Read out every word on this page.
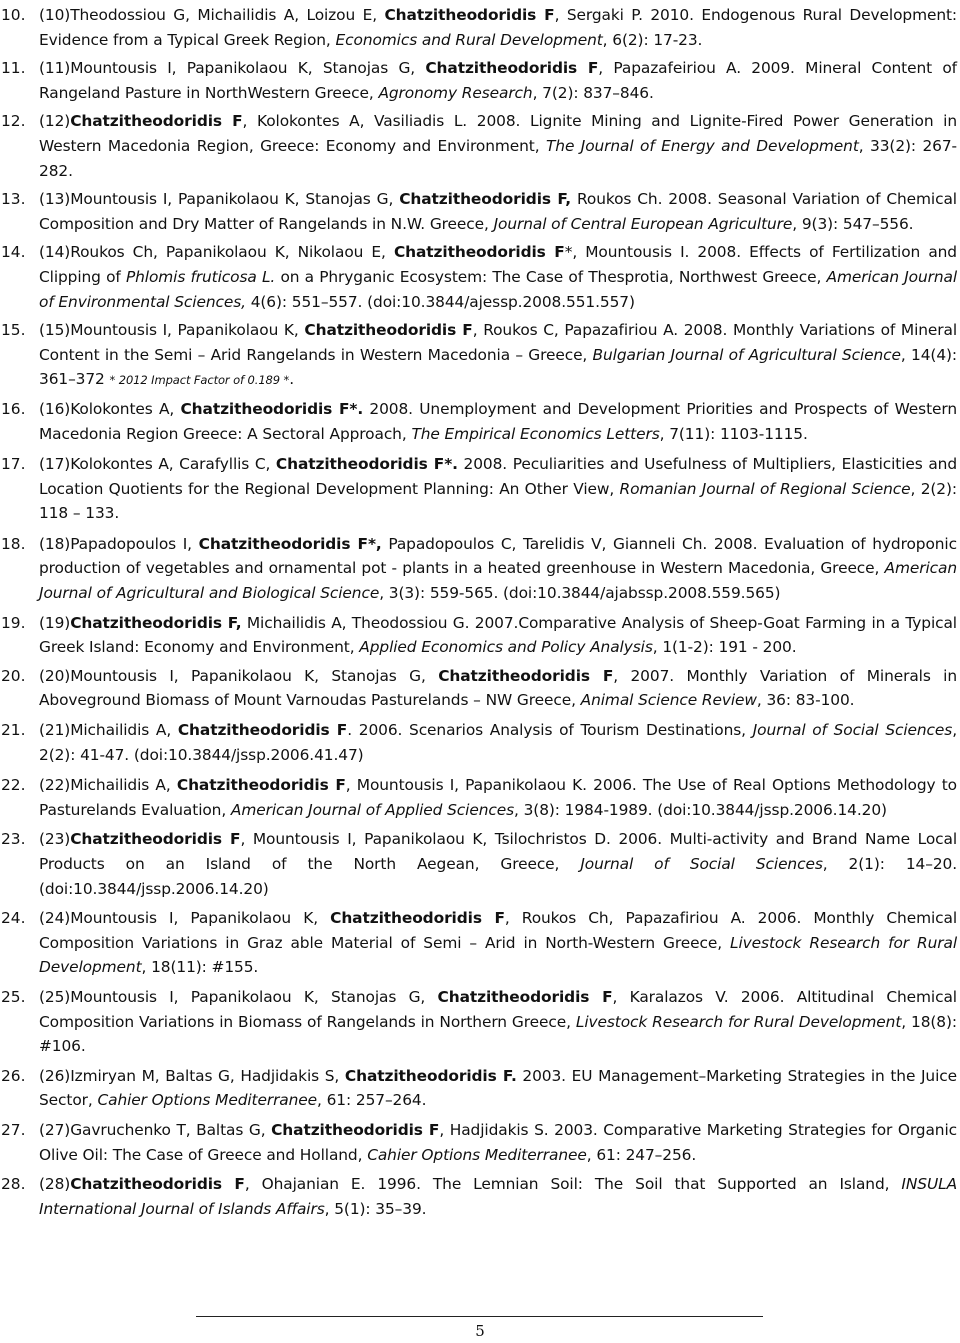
10. (10)Theodossiou G, Michailidis A, Loizou E, Chatzitheodoridis F, Sergaki P. 2010. Endogenous Rural Development: Evidence from a Typical Greek Region, Economics and Rural Development, 6(2): 17-23.
11. (11)Mountousis I, Papanikolaou K, Stanojas G, Chatzitheodoridis F, Papazafeiriou A. 2009. Mineral Content of Rangeland Pasture in NorthWestern Greece, Agronomy Research, 7(2): 837–846.
12. (12)Chatzitheodoridis F, Kolokontes A, Vasiliadis L. 2008. Lignite Mining and Lignite-Fired Power Generation in Western Macedonia Region, Greece: Economy and Environment, The Journal of Energy and Development, 33(2): 267-282.
13. (13)Mountousis I, Papanikolaou K, Stanojas G, Chatzitheodoridis F, Roukos Ch. 2008. Seasonal Variation of Chemical Composition and Dry Matter of Rangelands in N.W. Greece, Journal of Central European Agriculture, 9(3): 547–556.
14. (14)Roukos Ch, Papanikolaou K, Nikolaou E, Chatzitheodoridis F*, Mountousis I. 2008. Effects of Fertilization and Clipping of Phlomis fruticosa L. on a Phryganic Ecosystem: The Case of Thesprotia, Northwest Greece, American Journal of Environmental Sciences, 4(6): 551–557. (doi:10.3844/ajessp.2008.551.557)
15. (15)Mountousis I, Papanikolaou K, Chatzitheodoridis F, Roukos C, Papazafiriou A. 2008. Monthly Variations of Mineral Content in the Semi – Arid Rangelands in Western Macedonia – Greece, Bulgarian Journal of Agricultural Science, 14(4): 361–372 * 2012 Impact Factor of 0.189 *.
16. (16)Kolokontes A, Chatzitheodoridis F*. 2008. Unemployment and Development Priorities and Prospects of Western Macedonia Region Greece: A Sectoral Approach, The Empirical Economics Letters, 7(11): 1103-1115.
17. (17)Kolokontes A, Carafyllis C, Chatzitheodoridis F*. 2008. Peculiarities and Usefulness of Multipliers, Elasticities and Location Quotients for the Regional Development Planning: An Other View, Romanian Journal of Regional Science, 2(2): 118 – 133.
18. (18)Papadopoulos I, Chatzitheodoridis F*, Papadopoulos C, Tarelidis V, Gianneli Ch. 2008. Evaluation of hydroponic production of vegetables and ornamental pot - plants in a heated greenhouse in Western Macedonia, Greece, American Journal of Agricultural and Biological Science, 3(3): 559-565. (doi:10.3844/ajabssp.2008.559.565)
19. (19)Chatzitheodoridis F, Michailidis A, Theodossiou G. 2007.Comparative Analysis of Sheep-Goat Farming in a Typical Greek Island: Economy and Environment, Applied Economics and Policy Analysis, 1(1-2): 191 - 200.
20. (20)Mountousis I, Papanikolaou K, Stanojas G, Chatzitheodoridis F, 2007. Monthly Variation of Minerals in Aboveground Biomass of Mount Varnoudas Pasturelands – NW Greece, Animal Science Review, 36: 83-100.
21. (21)Michailidis A, Chatzitheodoridis F. 2006. Scenarios Analysis of Tourism Destinations, Journal of Social Sciences, 2(2): 41-47. (doi:10.3844/jssp.2006.41.47)
22. (22)Michailidis A, Chatzitheodoridis F, Mountousis I, Papanikolaou K. 2006. The Use of Real Options Methodology to Pasturelands Evaluation, American Journal of Applied Sciences, 3(8): 1984-1989. (doi:10.3844/jssp.2006.14.20)
23. (23)Chatzitheodoridis F, Mountousis I, Papanikolaou K, Tsilochristos D. 2006. Multi-activity and Brand Name Local Products on an Island of the North Aegean, Greece, Journal of Social Sciences, 2(1): 14–20. (doi:10.3844/jssp.2006.14.20)
24. (24)Mountousis I, Papanikolaou K, Chatzitheodoridis F, Roukos Ch, Papazafiriou A. 2006. Monthly Chemical Composition Variations in Graz able Material of Semi – Arid in North-Western Greece, Livestock Research for Rural Development, 18(11): #155.
25. (25)Mountousis I, Papanikolaou K, Stanojas G, Chatzitheodoridis F, Karalazos V. 2006. Altitudinal Chemical Composition Variations in Biomass of Rangelands in Northern Greece, Livestock Research for Rural Development, 18(8): #106.
26. (26)Izmiryan M, Baltas G, Hadjidakis S, Chatzitheodoridis F. 2003. EU Management–Marketing Strategies in the Juice Sector, Cahier Options Mediterranee, 61: 257–264.
27. (27)Gavruchenko T, Baltas G, Chatzitheodoridis F, Hadjidakis S. 2003. Comparative Marketing Strategies for Organic Olive Oil: The Case of Greece and Holland, Cahier Options Mediterranee, 61: 247–256.
28. (28)Chatzitheodoridis F, Ohajanian E. 1996. The Lemnian Soil: The Soil that Supported an Island, INSULA International Journal of Islands Affairs, 5(1): 35–39.
5
